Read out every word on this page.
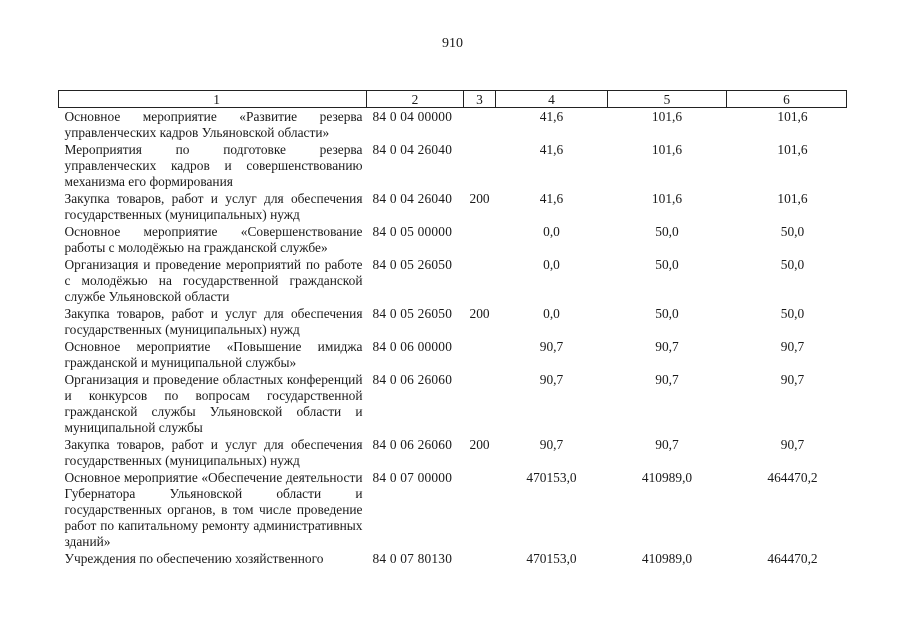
910
1	2	3	4	5	6
Основное мероприятие «Развитие резерва управленческих кадров Ульяновской области»	84 0 04 00000		41,6	101,6	101,6
Мероприятия по подготовке резерва управленческих кадров и совершенствованию механизма его формирования	84 0 04 26040		41,6	101,6	101,6
Закупка товаров, работ и услуг для обеспечения государственных (муниципальных) нужд	84 0 04 26040	200	41,6	101,6	101,6
Основное мероприятие «Совершенствование работы с молодёжью на гражданской службе»	84 0 05 00000		0,0	50,0	50,0
Организация и проведение мероприятий по работе с молодёжью на государственной гражданской службе Ульяновской области	84 0 05 26050		0,0	50,0	50,0
Закупка товаров, работ и услуг для обеспечения государственных (муниципальных) нужд	84 0 05 26050	200	0,0	50,0	50,0
Основное мероприятие «Повышение имиджа гражданской и муниципальной службы»	84 0 06 00000		90,7	90,7	90,7
Организация и проведение областных конференций и конкурсов по вопросам государственной гражданской службы Ульяновской области и муниципальной службы	84 0 06 26060		90,7	90,7	90,7
Закупка товаров, работ и услуг для обеспечения государственных (муниципальных) нужд	84 0 06 26060	200	90,7	90,7	90,7
Основное мероприятие «Обеспечение деятельности Губернатора Ульяновской области и государственных органов, в том числе проведение работ по капитальному ремонту административных зданий»	84 0 07 00000		470153,0	410989,0	464470,2
Учреждения по обеспечению хозяйственного	84 0 07 80130		470153,0	410989,0	464470,2
